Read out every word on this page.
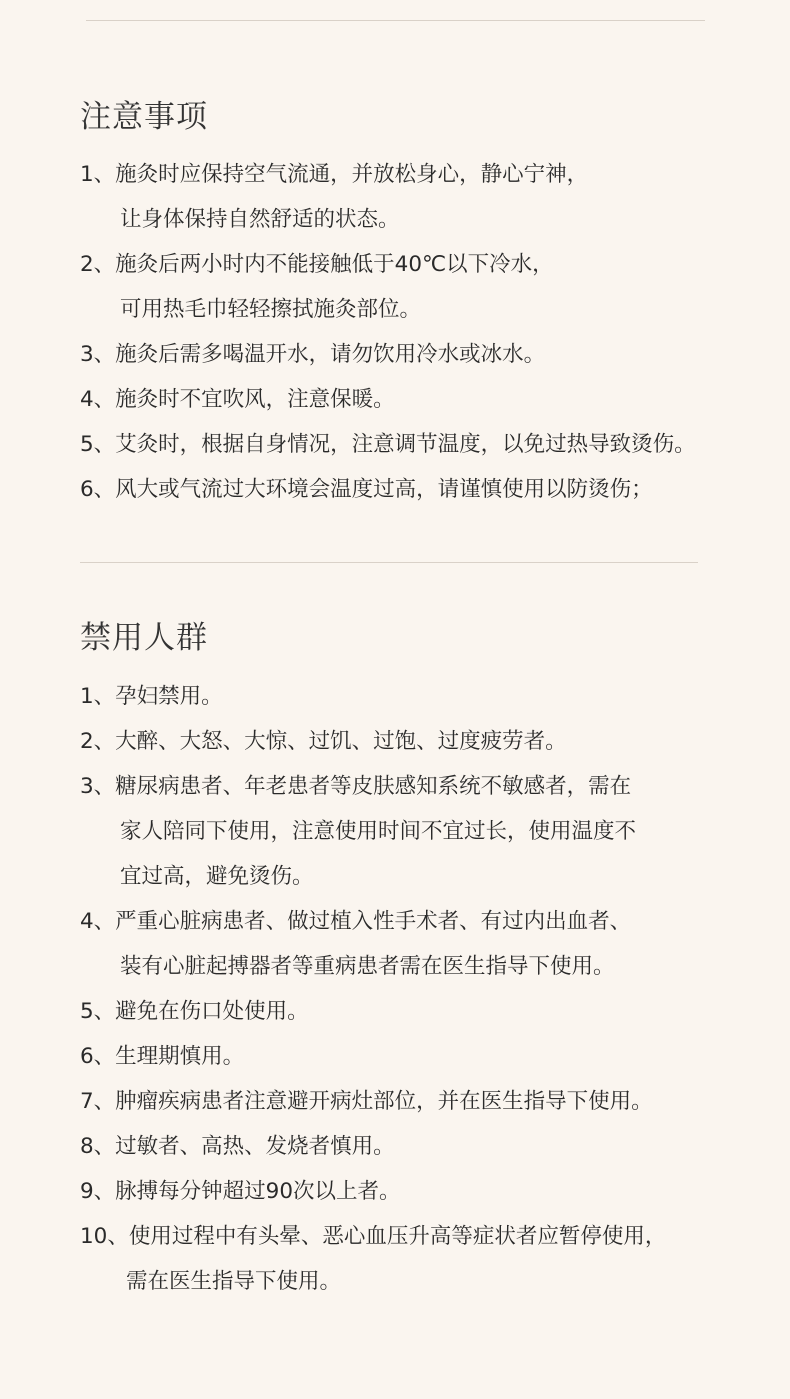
注意事项
1、施灸时应保持空气流通，并放松身心，静心宁神，
让身体保持自然舒适的状态。
2、施灸后两小时内不能接触低于40℃以下冷水，
可用热毛巾轻轻擦拭施灸部位。
3、施灸后需多喝温开水，请勿饮用冷水或冰水。
4、施灸时不宜吹风，注意保暖。
5、艾灸时，根据自身情况，注意调节温度，以免过热导致烫伤。
6、风大或气流过大环境会温度过高，请谨慎使用以防烫伤；
禁用人群
1、孕妇禁用。
2、大醉、大怒、大惊、过饥、过饱、过度疲劳者。
3、糖尿病患者、年老患者等皮肤感知系统不敏感者，需在
家人陪同下使用，注意使用时间不宜过长，使用温度不
宜过高，避免烫伤。
4、严重心脏病患者、做过植入性手术者、有过内出血者、
装有心脏起搏器者等重病患者需在医生指导下使用。
5、避免在伤口处使用。
6、生理期慎用。
7、肿瘤疾病患者注意避开病灶部位，并在医生指导下使用。
8、过敏者、高热、发烧者慎用。
9、脉搏每分钟超过90次以上者。
10、使用过程中有头晕、恶心血压升高等症状者应暂停使用，
需在医生指导下使用。
